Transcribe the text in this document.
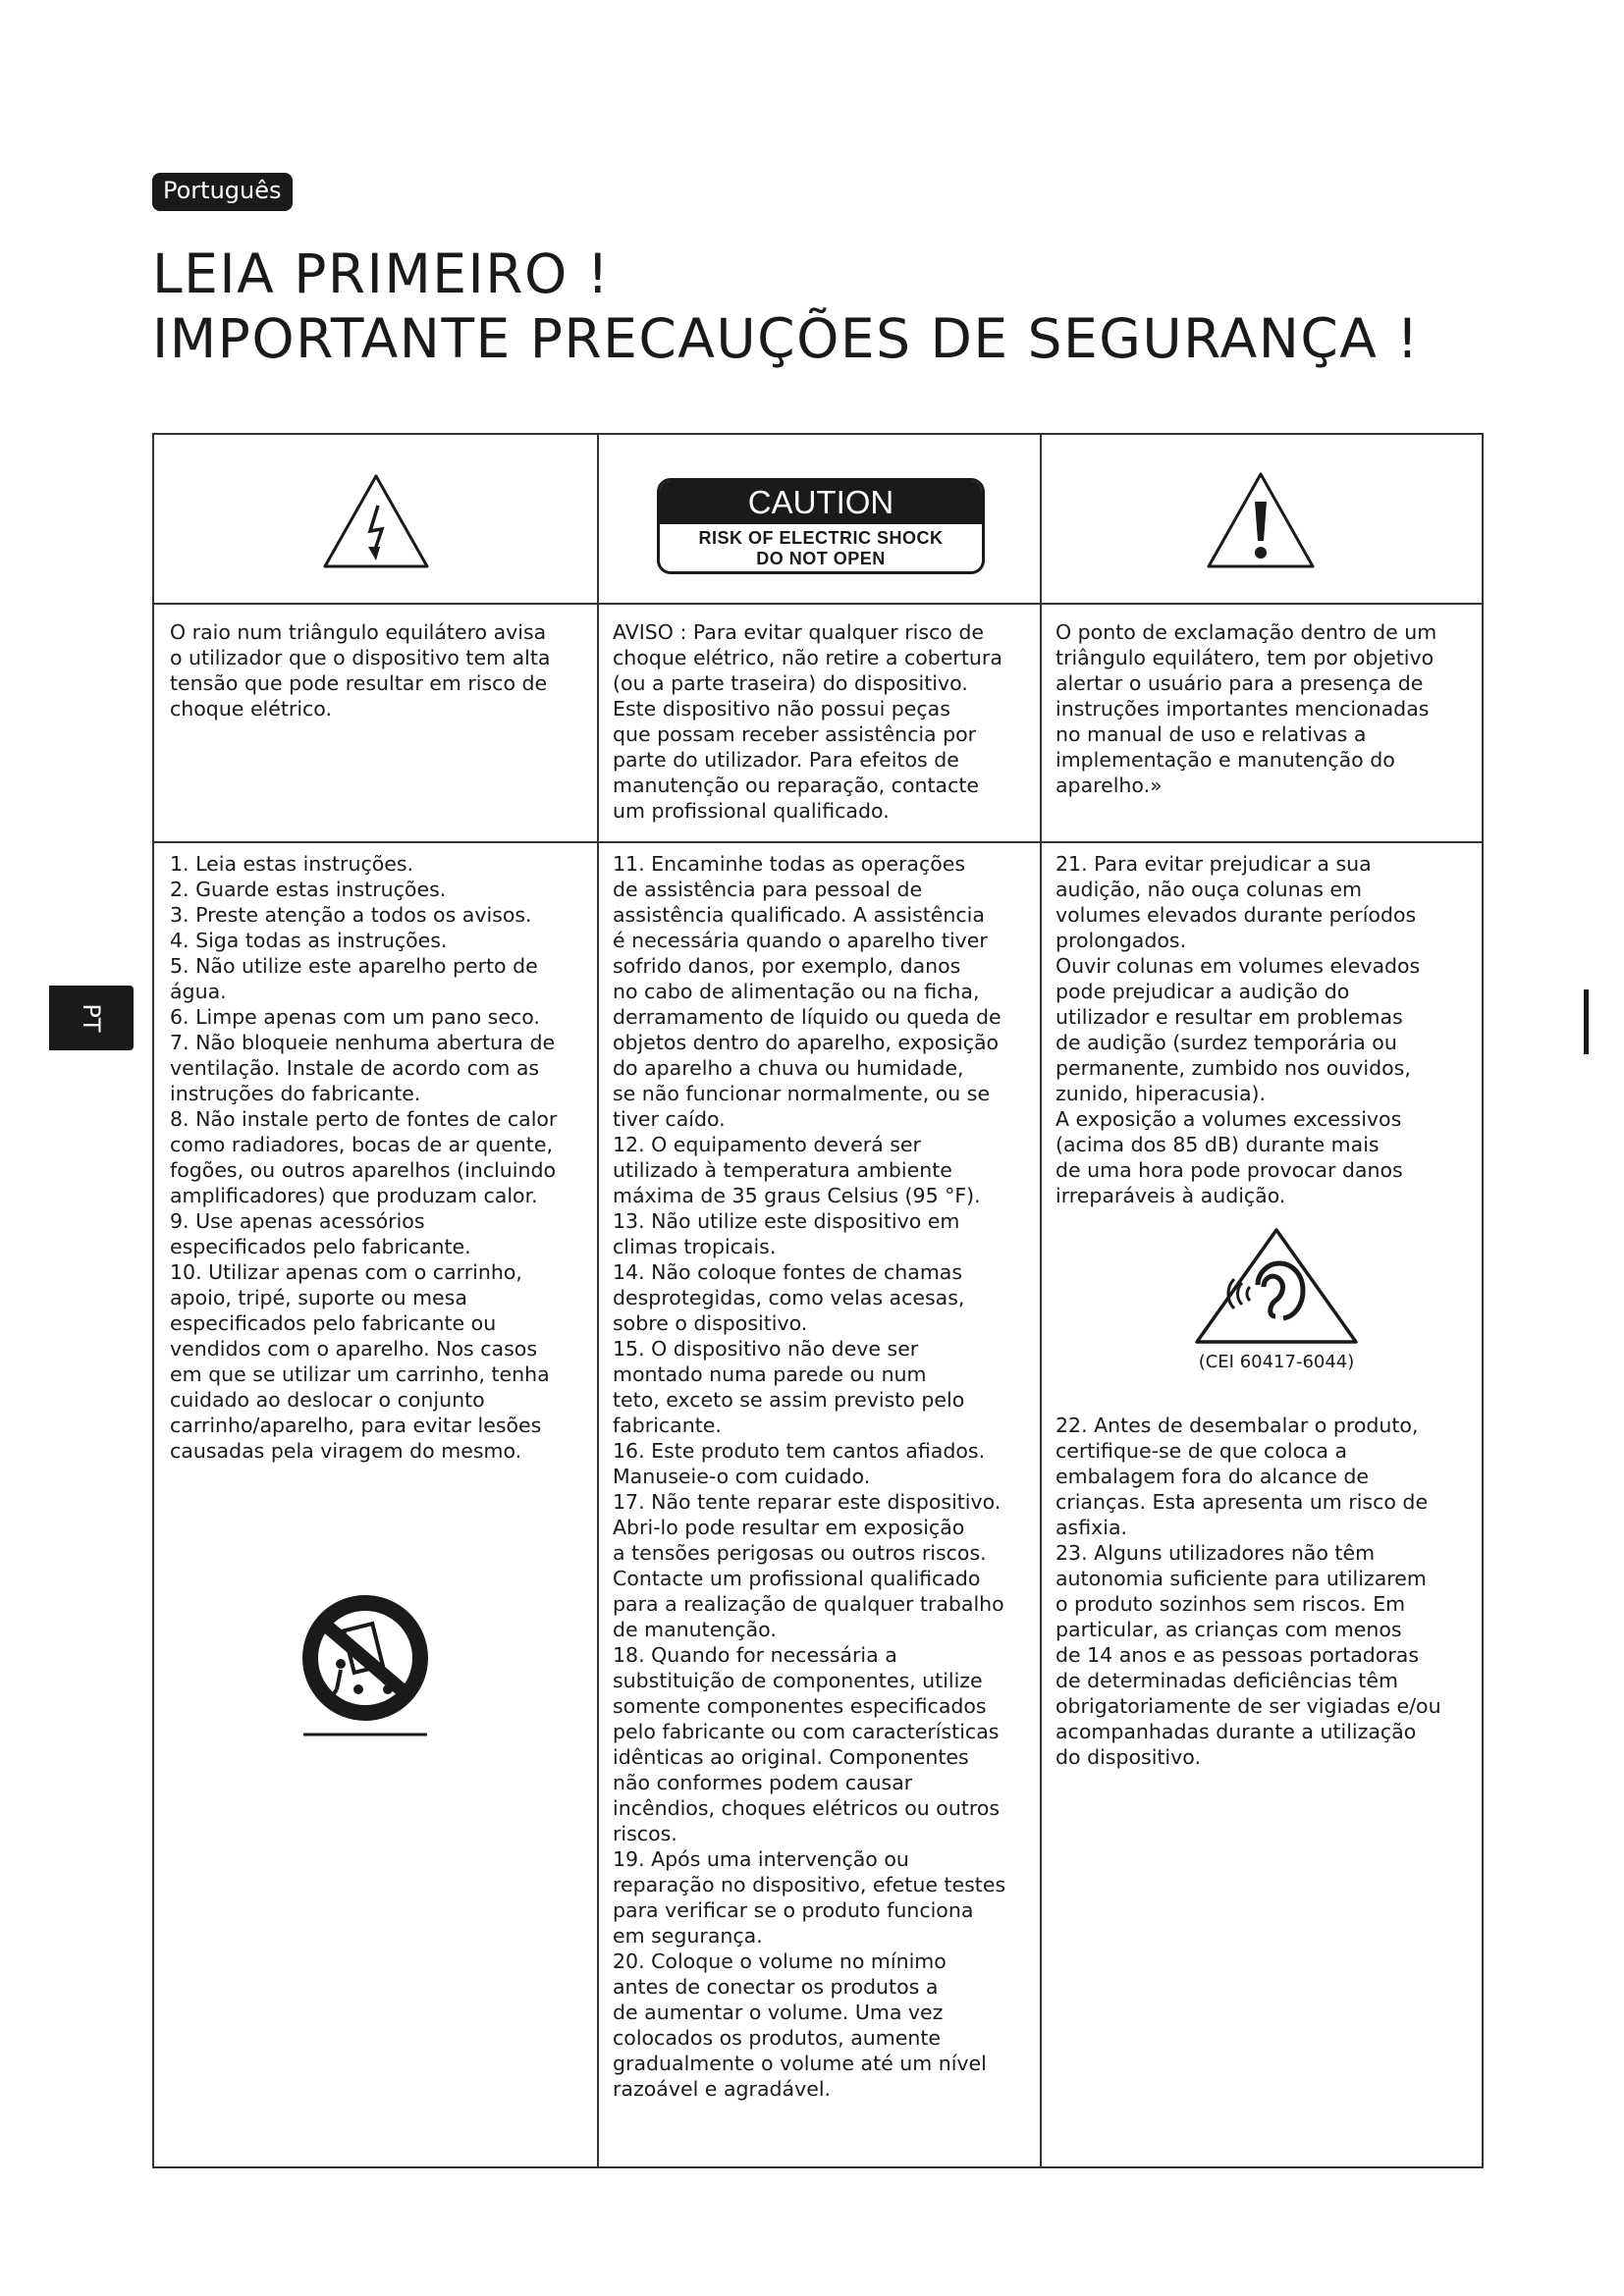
Português
LEIA PRIMEIRO !
IMPORTANTE PRECAUÇÕES DE SEGURANÇA !
PT
CAUTION
RISK OF ELECTRIC SHOCK
DO NOT OPEN

O raio num triângulo equilátero avisa

o utilizador que o dispositivo tem alta

tensão que pode resultar em risco de

choque elétrico.

AVISO : Para evitar qualquer risco de

choque elétrico, não retire a cobertura

(ou a parte traseira) do dispositivo.

Este dispositivo não possui peças

que possam receber assistência por

parte do utilizador. Para efeitos de

manutenção ou reparação, contacte

um profissional qualificado.

O ponto de exclamação dentro de um

triângulo equilátero, tem por objetivo

alertar o usuário para a presença de

instruções importantes mencionadas

no manual de uso e relativas a

implementação e manutenção do

aparelho.»

1. Leia estas instruções.

2. Guarde estas instruções.

3. Preste atenção a todos os avisos.

4. Siga todas as instruções.

5. Não utilize este aparelho perto de

água.

6. Limpe apenas com um pano seco.

7. Não bloqueie nenhuma abertura de

ventilação. Instale de acordo com as

instruções do fabricante.

8. Não instale perto de fontes de calor

como radiadores, bocas de ar quente,

fogões, ou outros aparelhos (incluindo

amplificadores) que produzam calor.

9. Use apenas acessórios

especificados pelo fabricante.

10. Utilizar apenas com o carrinho,

apoio, tripé, suporte ou mesa

especificados pelo fabricante ou

vendidos com o aparelho. Nos casos

em que se utilizar um carrinho, tenha

cuidado ao deslocar o conjunto

carrinho/aparelho, para evitar lesões

causadas pela viragem do mesmo.

11. Encaminhe todas as operações

de assistência para pessoal de

assistência qualificado. A assistência

é necessária quando o aparelho tiver

sofrido danos, por exemplo, danos

no cabo de alimentação ou na ficha,

derramamento de líquido ou queda de

objetos dentro do aparelho, exposição

do aparelho a chuva ou humidade,

se não funcionar normalmente, ou se

tiver caído.

12. O equipamento deverá ser

utilizado à temperatura ambiente

máxima de 35 graus Celsius (95 °F).

13. Não utilize este dispositivo em

climas tropicais.

14. Não coloque fontes de chamas

desprotegidas, como velas acesas,

sobre o dispositivo.

15. O dispositivo não deve ser

montado numa parede ou num

teto, exceto se assim previsto pelo

fabricante.

16. Este produto tem cantos afiados.

Manuseie-o com cuidado.

17. Não tente reparar este dispositivo.

Abri-lo pode resultar em exposição

a tensões perigosas ou outros riscos.

Contacte um profissional qualificado

para a realização de qualquer trabalho

de manutenção.

18. Quando for necessária a

substituição de componentes, utilize

somente componentes especificados

pelo fabricante ou com características

idênticas ao original. Componentes

não conformes podem causar

incêndios, choques elétricos ou outros

riscos.

19. Após uma intervenção ou

reparação no dispositivo, efetue testes

para verificar se o produto funciona

em segurança.

20. Coloque o volume no mínimo

antes de conectar os produtos a

de aumentar o volume. Uma vez

colocados os produtos, aumente

gradualmente o volume até um nível

razoável e agradável.

21. Para evitar prejudicar a sua

audição, não ouça colunas em

volumes elevados durante períodos

prolongados.

Ouvir colunas em volumes elevados

pode prejudicar a audição do

utilizador e resultar em problemas

de audição (surdez temporária ou

permanente, zumbido nos ouvidos,

zunido, hiperacusia).

A exposição a volumes excessivos

(acima dos 85 dB) durante mais

de uma hora pode provocar danos

irreparáveis à audição.

(CEI 60417-6044)

22. Antes de desembalar o produto,

certifique-se de que coloca a

embalagem fora do alcance de

crianças. Esta apresenta um risco de

asfixia.

23. Alguns utilizadores não têm

autonomia suficiente para utilizarem

o produto sozinhos sem riscos. Em

particular, as crianças com menos

de 14 anos e as pessoas portadoras

de determinadas deficiências têm

obrigatoriamente de ser vigiadas e/ou

acompanhadas durante a utilização

do dispositivo.
